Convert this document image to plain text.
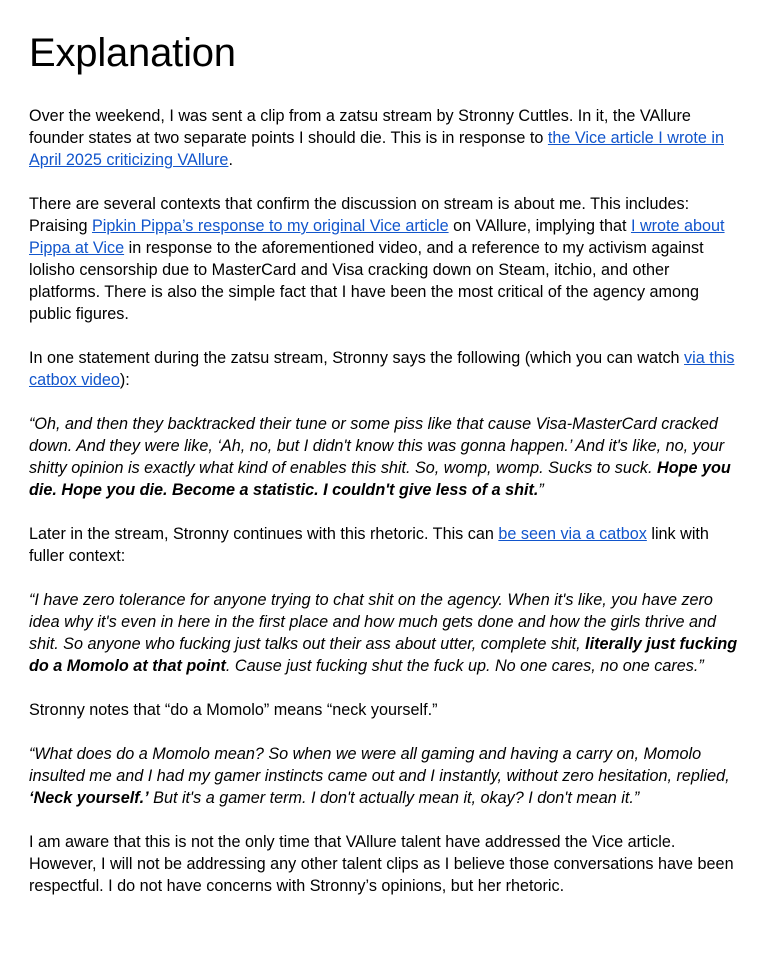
Explanation

Over the weekend, I was sent a clip from a zatsu stream by Stronny Cuttles. In it, the VAllure founder states at two separate points I should die. This is in response to the Vice article I wrote in April 2025 criticizing VAllure.

There are several contexts that confirm the discussion on stream is about me. This includes: Praising Pipkin Pippa’s response to my original Vice article on VAllure, implying that I wrote about Pippa at Vice in response to the aforementioned video, and a reference to my activism against lolisho censorship due to MasterCard and Visa cracking down on Steam, itchio, and other platforms. There is also the simple fact that I have been the most critical of the agency among public figures.

In one statement during the zatsu stream, Stronny says the following (which you can watch via this catbox video):

“Oh, and then they backtracked their tune or some piss like that cause Visa-MasterCard cracked down. And they were like, ‘Ah, no, but I didn't know this was gonna happen.’ And it's like, no, your shitty opinion is exactly what kind of enables this shit. So, womp, womp. Sucks to suck. Hope you die. Hope you die. Become a statistic. I couldn't give less of a shit.”

Later in the stream, Stronny continues with this rhetoric. This can be seen via a catbox link with fuller context:

“I have zero tolerance for anyone trying to chat shit on the agency. When it's like, you have zero idea why it's even in here in the first place and how much gets done and how the girls thrive and shit. So anyone who fucking just talks out their ass about utter, complete shit, literally just fucking do a Momolo at that point. Cause just fucking shut the fuck up. No one cares, no one cares.”

Stronny notes that “do a Momolo” means “neck yourself.”

“What does do a Momolo mean? So when we were all gaming and having a carry on, Momolo insulted me and I had my gamer instincts came out and I instantly, without zero hesitation, replied, ‘Neck yourself.’ But it's a gamer term. I don't actually mean it, okay? I don't mean it.”

I am aware that this is not the only time that VAllure talent have addressed the Vice article. However, I will not be addressing any other talent clips as I believe those conversations have been respectful. I do not have concerns with Stronny’s opinions, but her rhetoric.
